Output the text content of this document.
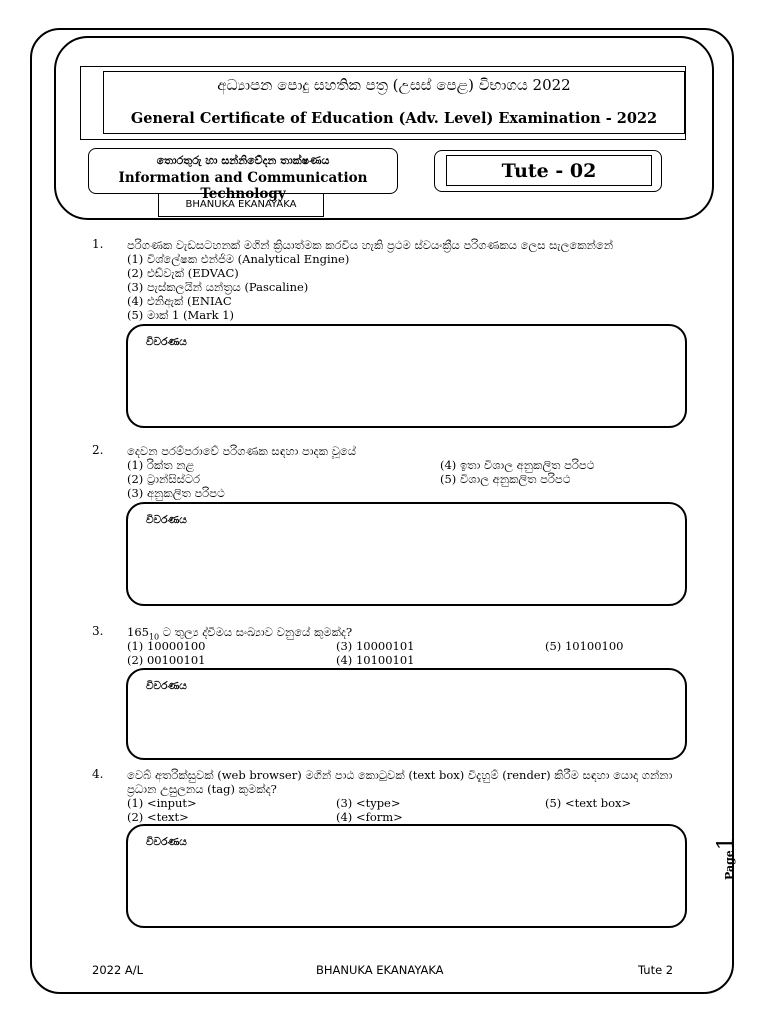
අධ්‍යාපන පොදු සහතික පත්‍ර (උසස් පෙළ) විභාගය 2022
General Certificate of Education (Adv. Level) Examination - 2022
තොරතුරු හා සන්නිවේදන තාක්ෂණය
Information and Communication Technology
Tute - 02
BHANUKA EKANAYAKA
1. පරිගණක වැඩසටහනක් මගින් ක්‍රියාත්මක කරවිය හැකි ප්‍රථම ස්වයංක්‍රීය පරිගණකය ලෙස සැලකෙන්නේ
(1) විශ්ලේෂක එන්ජිම (Analytical Engine)
(2) එඩ්වැක් (EDVAC)
(3) පැස්කලයින් යන්ත්‍රය (Pascaline)
(4) එනිඇක් (ENIAC
(5) මාක් 1 (Mark 1)
විවරණය
2. දෙවන පරම්පරාවේ පරිගණක සඳහා පාදක වූයේ
(1) රික්ත නළ
(2) ට්‍රාන්සිස්ටර
(3) අනුකලිත පරිපථ
(4) ඉතා විශාල අනුකලිත පරිපථ
(5) විශාල අනුකලිත පරිපථ
විවරණය
3. $165_{10}$ ට තුල්‍ය ද්වීමය සංඛ්‍යාව වනුයේ කුමක්ද?
(1) 10000100
(2) 00100101
(3) 10000101
(4) 10100101
(5) 10100100
විවරණය
4. වෙබ් අතරික්සුවක් (web browser) මගින් පාඨ කොටුවක් (text box) විදැහුම් (render) කිරීම සඳහා යොදා ගන්නා
ප්‍රධාන උසුලනය (tag) කුමක්ද?
(1) <input>
(2) <text>
(3) <type>
(4) <form>
(5) <text box>
විවරණය
Page1
2022 A/L	BHANUKA EKANAYAKA	Tute 2
